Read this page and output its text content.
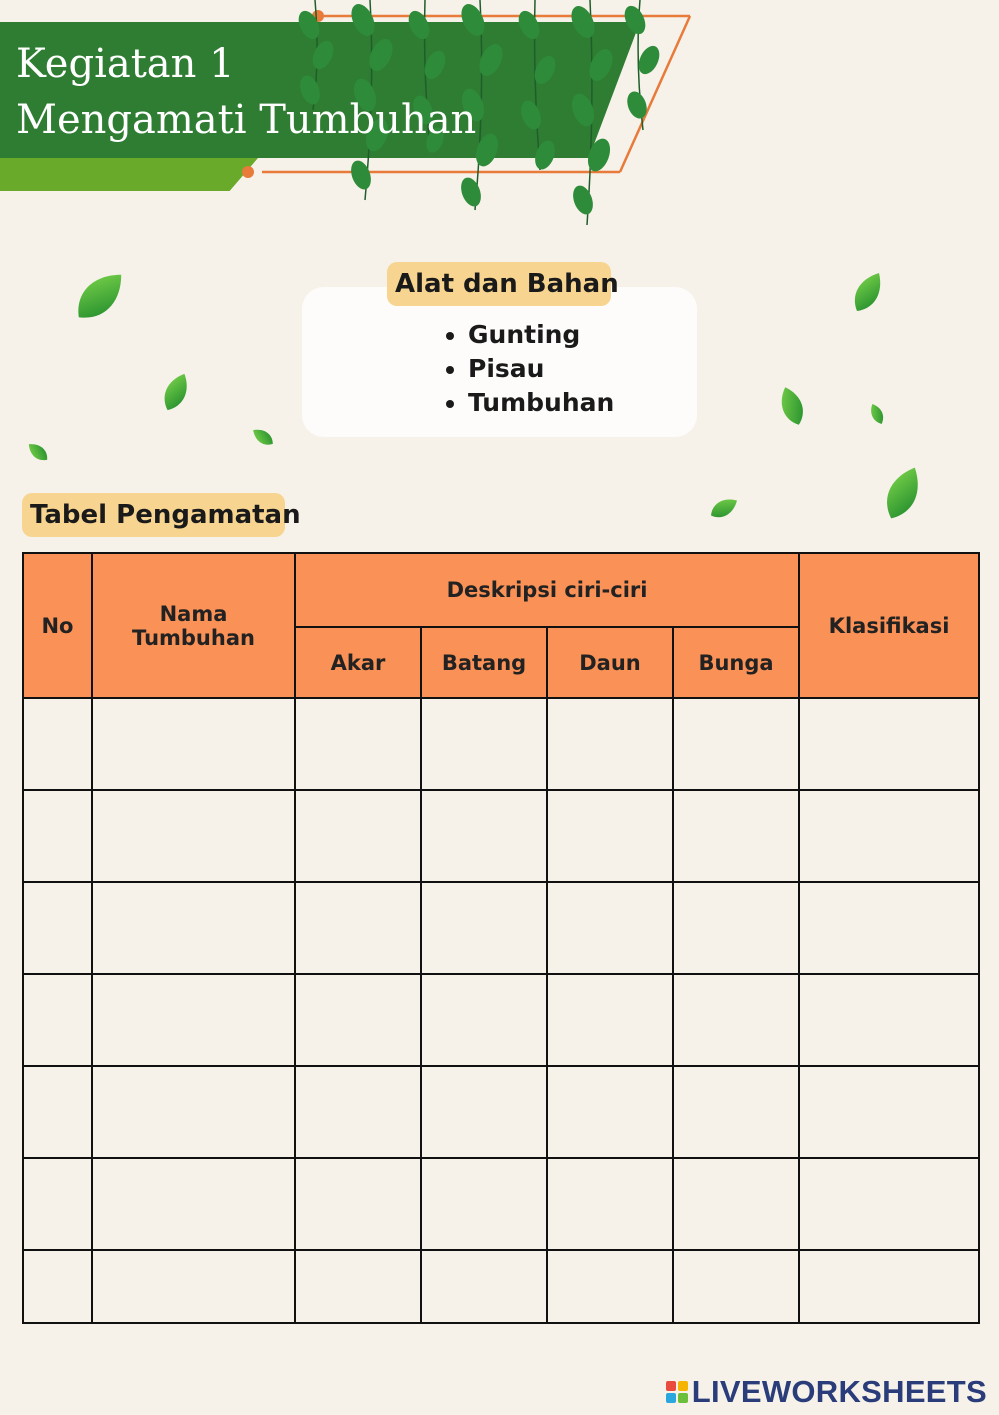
Kegiatan 1
Mengamati Tumbuhan
Alat dan Bahan
• Gunting
• Pisau
• Tumbuhan
Tabel Pengamatan
No	Nama Tumbuhan	Deskripsi ciri-ciri				Klasifikasi
		Akar	Batang	Daun	Bunga	

LIVEWORKSHEETS
